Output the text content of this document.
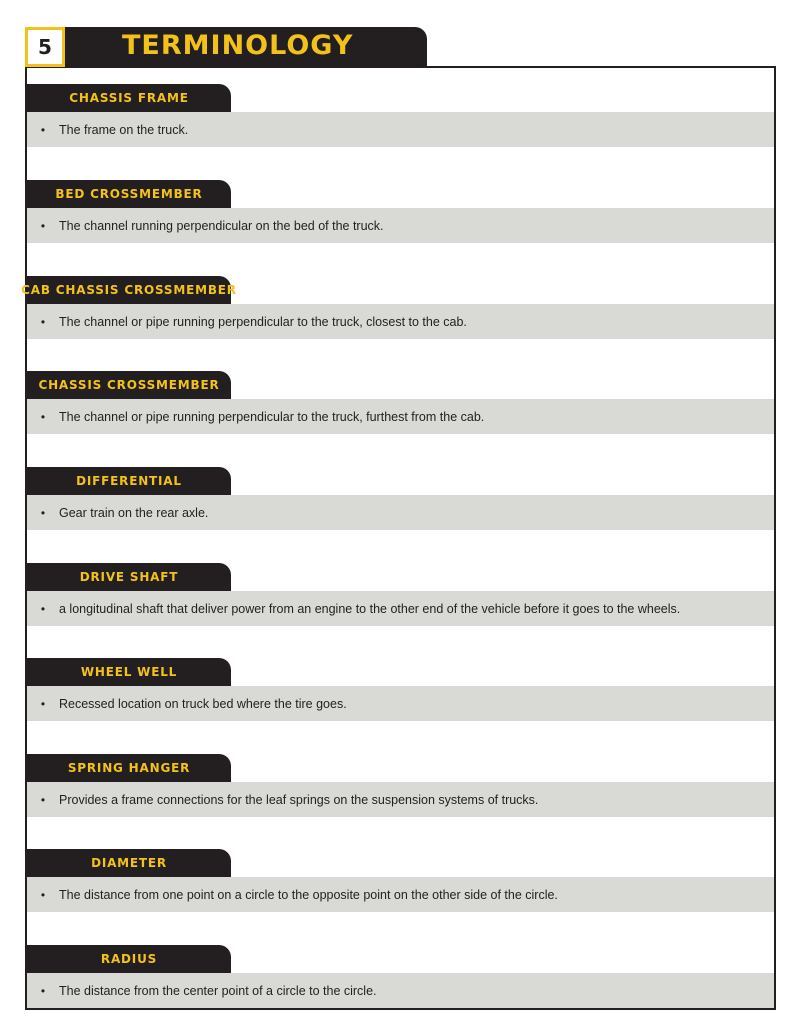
5	TERMINOLOGY
CHASSIS FRAME
•	The frame on the truck.
BED CROSSMEMBER
•	The channel running perpendicular on the bed of the truck.
CAB CHASSIS CROSSMEMBER
•	The channel or pipe running perpendicular to the truck, closest to the cab.
CHASSIS CROSSMEMBER
•	The channel or pipe running perpendicular to the truck, furthest from the cab.
DIFFERENTIAL
•	Gear train on the rear axle.
DRIVE SHAFT
•	a longitudinal shaft that deliver power from an engine to the other end of the vehicle before it goes to the wheels.
WHEEL WELL
•	Recessed location on truck bed where the tire goes.
SPRING HANGER
•	Provides a frame connections for the leaf springs on the suspension systems of trucks.
DIAMETER
•	The distance from one point on a circle to the opposite point on the other side of the circle.
RADIUS
•	The distance from the center point of a circle to the circle.
